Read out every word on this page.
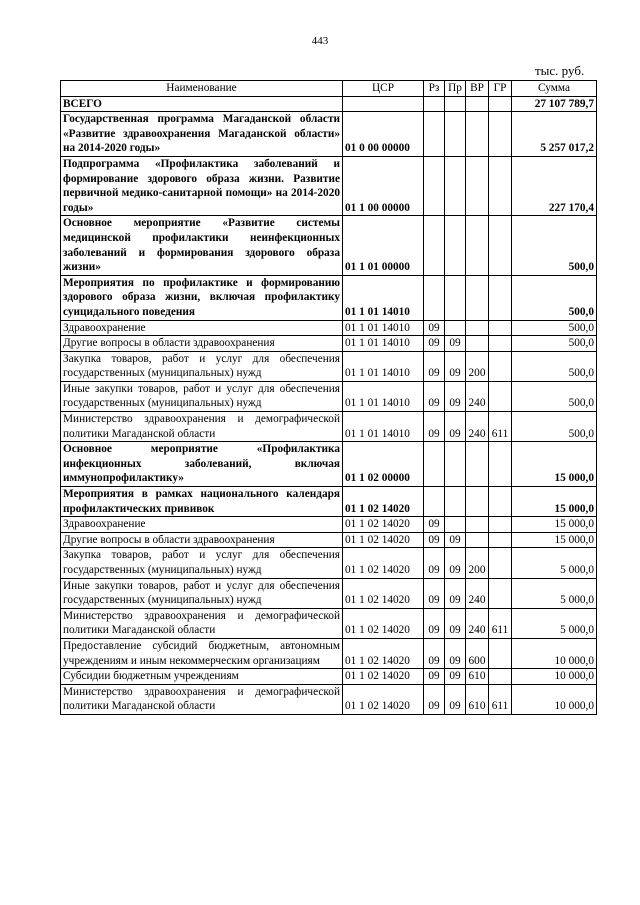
443
тыс. руб.
Наименование	ЦСР	Рз	Пр	ВР	ГР	Сумма
ВСЕГО						27 107 789,7
Государственная программа Магаданской области «Развитие здравоохранения Магаданской области» на 2014-2020 годы»	01 0 00 00000					5 257 017,2
Подпрограмма «Профилактика заболеваний и формирование здорового образа жизни. Развитие первичной медико-санитарной помощи» на 2014-2020 годы»	01 1 00 00000					227 170,4
Основное мероприятие «Развитие системы медицинской профилактики неинфекционных заболеваний и формирования здорового образа жизни»	01 1 01 00000					500,0
Мероприятия по профилактике и формированию здорового образа жизни, включая профилактику суицидального поведения	01 1 01 14010					500,0
Здравоохранение	01 1 01 14010	09				500,0
Другие вопросы в области здравоохранения	01 1 01 14010	09	09			500,0
Закупка товаров, работ и услуг для обеспечения государственных (муниципальных) нужд	01 1 01 14010	09	09	200		500,0
Иные закупки товаров, работ и услуг для обеспечения государственных (муниципальных) нужд	01 1 01 14010	09	09	240		500,0
Министерство здравоохранения и демографической политики Магаданской области	01 1 01 14010	09	09	240	611	500,0
Основное мероприятие «Профилактика инфекционных заболеваний, включая иммунопрофилактику»	01 1 02 00000					15 000,0
Мероприятия в рамках национального календаря профилактических прививок	01 1 02 14020					15 000,0
Здравоохранение	01 1 02 14020	09				15 000,0
Другие вопросы в области здравоохранения	01 1 02 14020	09	09			15 000,0
Закупка товаров, работ и услуг для обеспечения государственных (муниципальных) нужд	01 1 02 14020	09	09	200		5 000,0
Иные закупки товаров, работ и услуг для обеспечения государственных (муниципальных) нужд	01 1 02 14020	09	09	240		5 000,0
Министерство здравоохранения и демографической политики Магаданской области	01 1 02 14020	09	09	240	611	5 000,0
Предоставление субсидий бюджетным, автономным учреждениям и иным некоммерческим организациям	01 1 02 14020	09	09	600		10 000,0
Субсидии бюджетным учреждениям	01 1 02 14020	09	09	610		10 000,0
Министерство здравоохранения и демографической политики Магаданской области	01 1 02 14020	09	09	610	611	10 000,0
